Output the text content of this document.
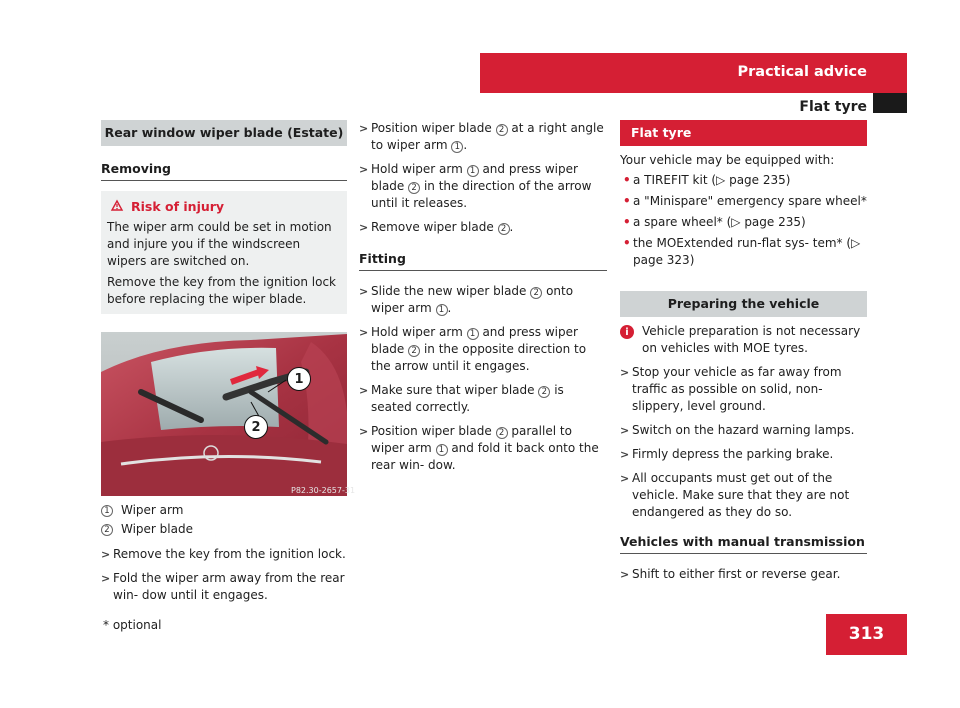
Practical advice
Flat tyre
Rear window wiper blade (Estate)
Removing
Risk of injury

The wiper arm could be set in motion and injure you if the windscreen wipers are switched on.

Remove the key from the ignition lock before replacing the wiper blade.

P82.30-2657-31
1
2
1 Wiper arm
2 Wiper blade
> Remove the key from the ignition lock.
> Fold the wiper arm away from the rear win- dow until it engages.
> Position wiper blade 2 at a right angle to wiper arm 1 .
> Hold wiper arm 1 and press wiper blade 2 in the direction of the arrow until it releases.
> Remove wiper blade 2 .
Fitting
> Slide the new wiper blade 2 onto wiper arm 1 .
> Hold wiper arm 1 and press wiper blade 2 in the opposite direction to the arrow until it engages.
> Make sure that wiper blade 2 is seated correctly.
> Position wiper blade 2 parallel to wiper arm 1 and fold it back onto the rear win- dow.
Flat tyre
Your vehicle may be equipped with:
• a TIREFIT kit (▷ page 235)
• a "Minispare" emergency spare wheel*
• a spare wheel* (▷ page 235)
• the MOExtended run-flat sys- tem* (▷ page 323)
Preparing the vehicle
i	Vehicle preparation is not necessary on vehicles with MOE tyres.
> Stop your vehicle as far away from traffic as possible on solid, non-slippery, level ground.
> Switch on the hazard warning lamps.
> Firmly depress the parking brake.
> All occupants must get out of the vehicle. Make sure that they are not endangered as they do so.
Vehicles with manual transmission
> Shift to either first or reverse gear.
* optional	313
